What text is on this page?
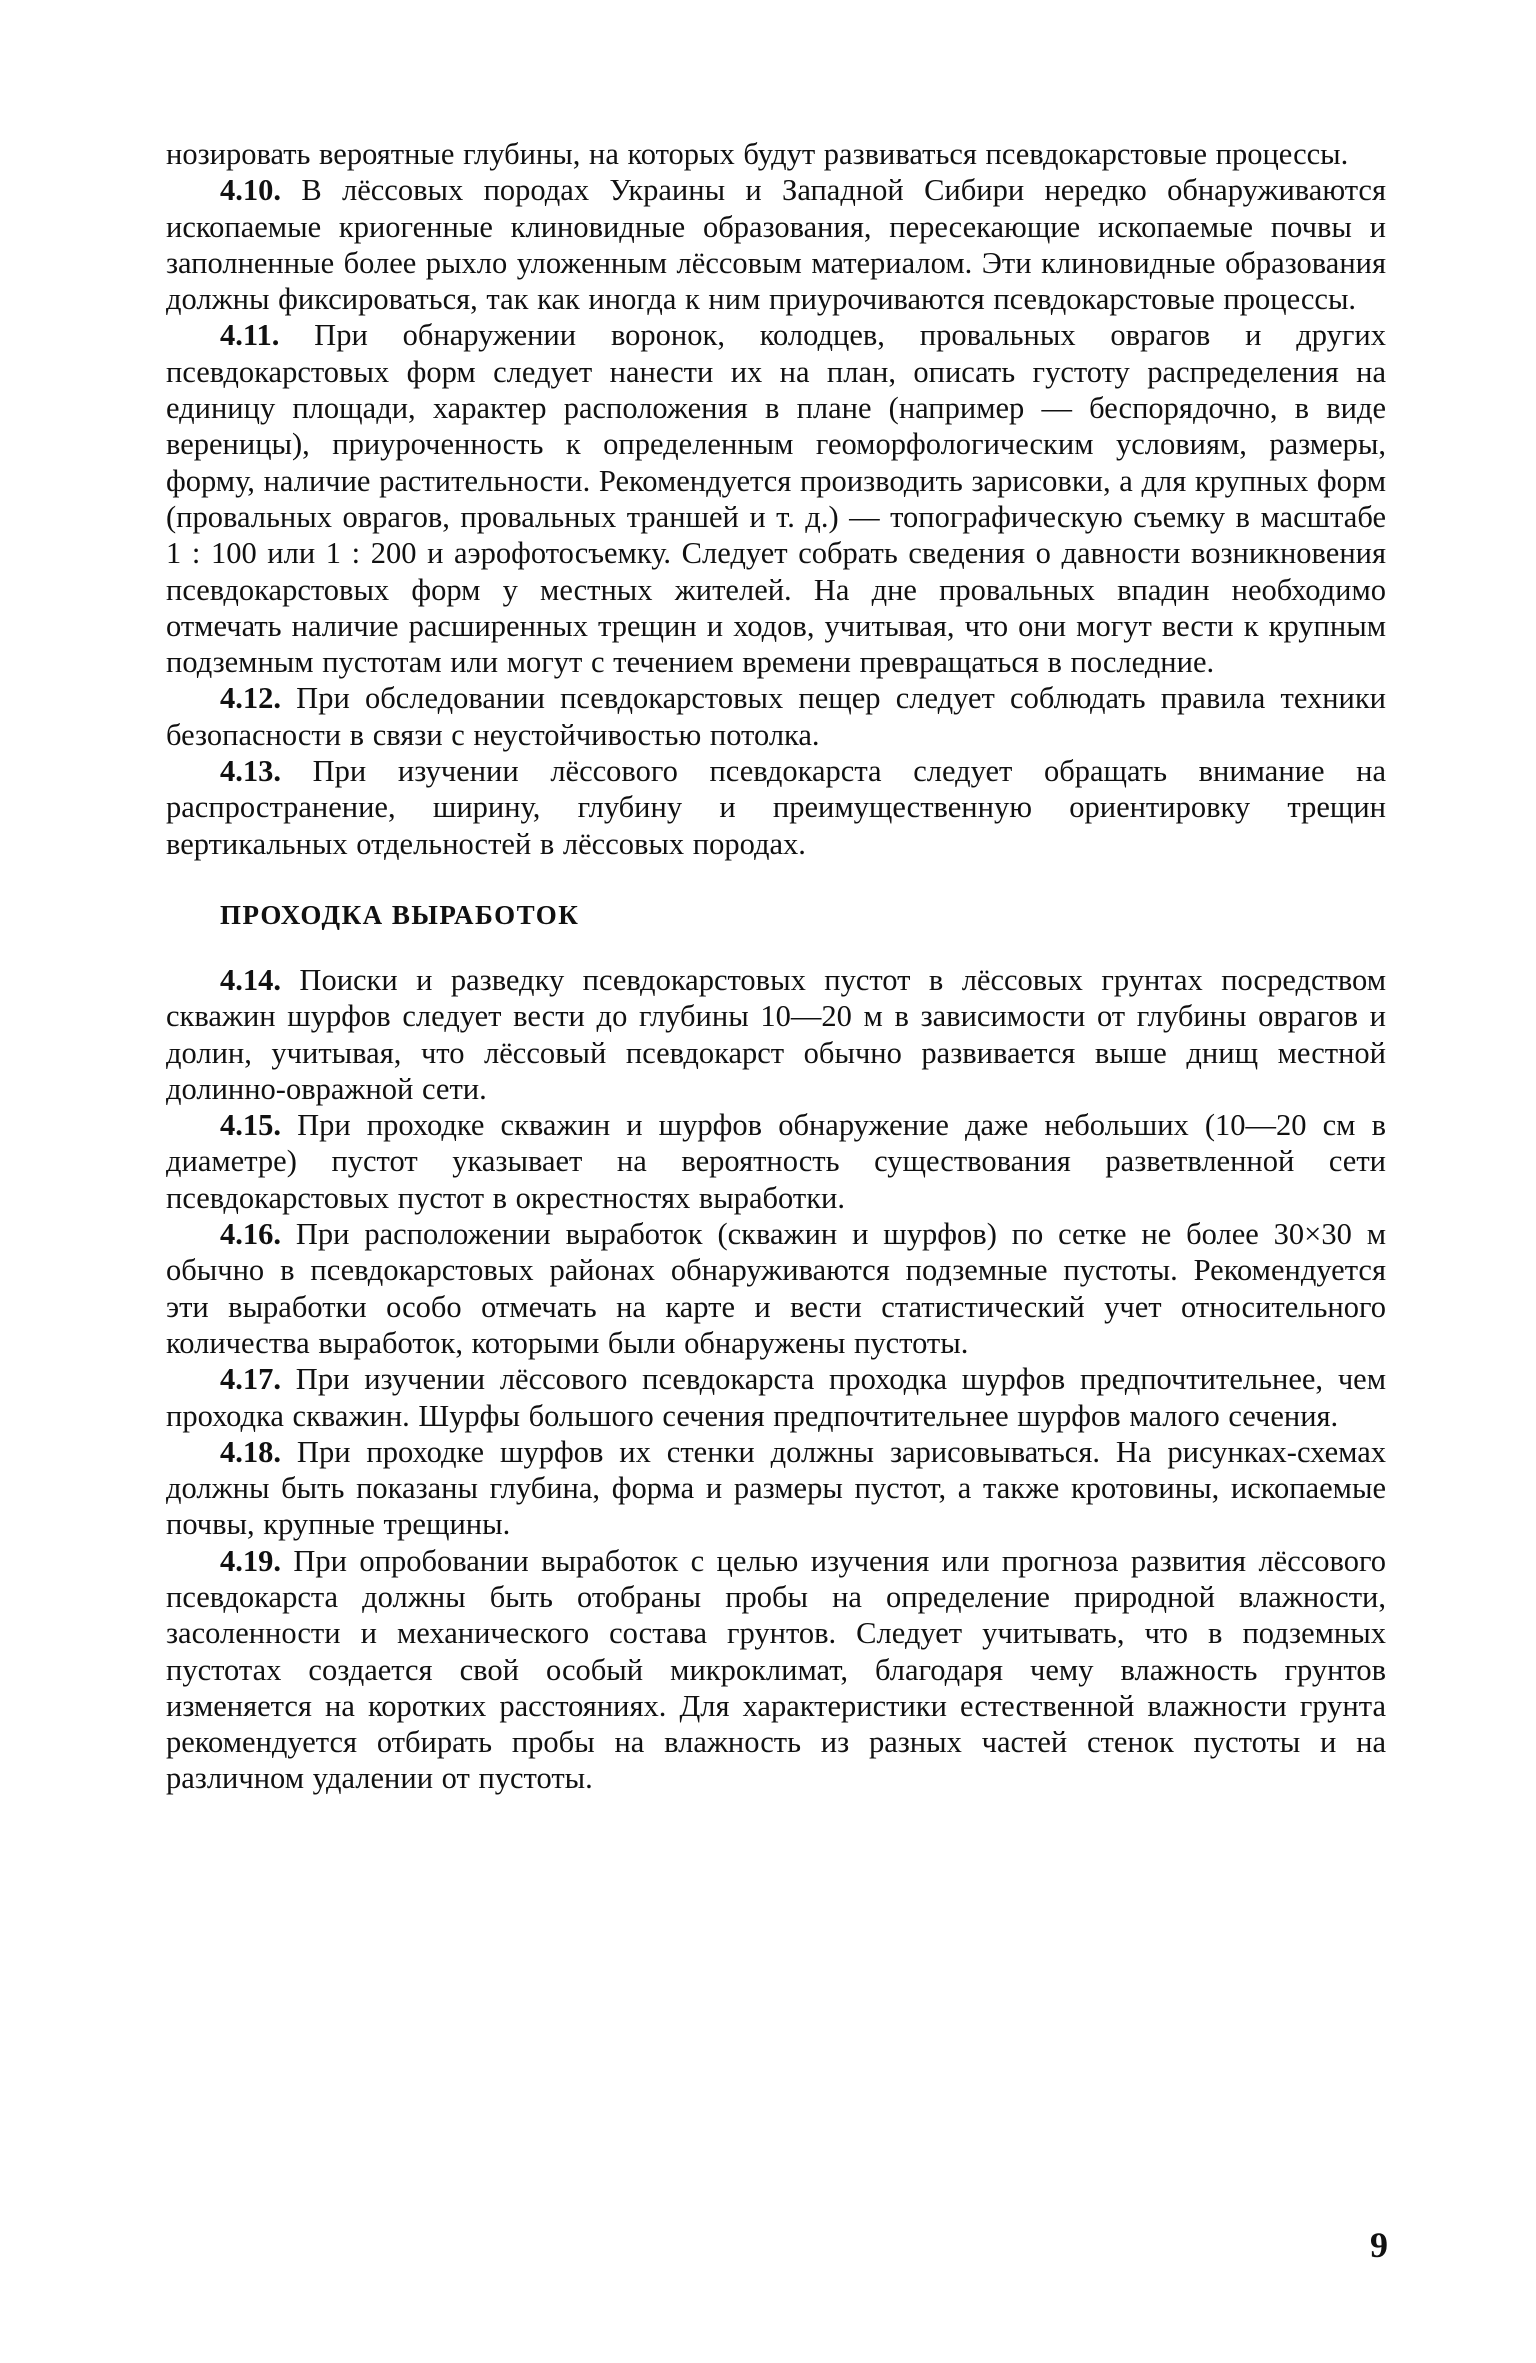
нозировать вероятные глубины, на которых будут развиваться псевдокарстовые процессы.

4.10. В лёссовых породах Украины и Западной Сибири нередко обнаруживаются ископаемые криогенные клиновидные образования, пересекающие ископаемые почвы и заполненные более рыхло уложенным лёссовым материалом. Эти клиновидные образования должны фиксироваться, так как иногда к ним приурочиваются псевдокарстовые процессы.

4.11. При обнаружении воронок, колодцев, провальных оврагов и других псевдокарстовых форм следует нанести их на план, описать густоту распределения на единицу площади, характер расположения в плане (например — беспорядочно, в виде вереницы), приуроченность к определенным геоморфологическим условиям, размеры, форму, наличие растительности. Рекомендуется производить зарисовки, а для крупных форм (провальных оврагов, провальных траншей и т. д.) — топографическую съемку в масштабе 1 : 100 или 1 : 200 и аэрофотосъемку. Следует собрать сведения о давности возникновения псевдокарстовых форм у местных жителей. На дне провальных впадин необходимо отмечать наличие расширенных трещин и ходов, учитывая, что они могут вести к крупным подземным пустотам или могут с течением времени превращаться в последние.

4.12. При обследовании псевдокарстовых пещер следует соблюдать правила техники безопасности в связи с неустойчивостью потолка.

4.13. При изучении лёссового псевдокарста следует обращать внимание на распространение, ширину, глубину и преимущественную ориентировку трещин вертикальных отдельностей в лёссовых породах.

ПРОХОДКА ВЫРАБОТОК

4.14. Поиски и разведку псевдокарстовых пустот в лёссовых грунтах посредством скважин шурфов следует вести до глубины 10—20 м в зависимости от глубины оврагов и долин, учитывая, что лёссовый псевдокарст обычно развивается выше днищ местной долинно-овражной сети.

4.15. При проходке скважин и шурфов обнаружение даже небольших (10—20 см в диаметре) пустот указывает на вероятность существования разветвленной сети псевдокарстовых пустот в окрестностях выработки.

4.16. При расположении выработок (скважин и шурфов) по сетке не более 30×30 м обычно в псевдокарстовых районах обнаруживаются подземные пустоты. Рекомендуется эти выработки особо отмечать на карте и вести статистический учет относительного количества выработок, которыми были обнаружены пустоты.

4.17. При изучении лёссового псевдокарста проходка шурфов предпочтительнее, чем проходка скважин. Шурфы большого сечения предпочтительнее шурфов малого сечения.

4.18. При проходке шурфов их стенки должны зарисовываться. На рисунках-схемах должны быть показаны глубина, форма и размеры пустот, а также кротовины, ископаемые почвы, крупные трещины.

4.19. При опробовании выработок с целью изучения или прогноза развития лёссового псевдокарста должны быть отобраны пробы на определение природной влажности, засоленности и механического состава грунтов. Следует учитывать, что в подземных пустотах создается свой особый микроклимат, благодаря чему влажность грунтов изменяется на коротких расстояниях. Для характеристики естественной влажности грунта рекомендуется отбирать пробы на влажность из разных частей стенок пустоты и на различном удалении от пустоты.

9
